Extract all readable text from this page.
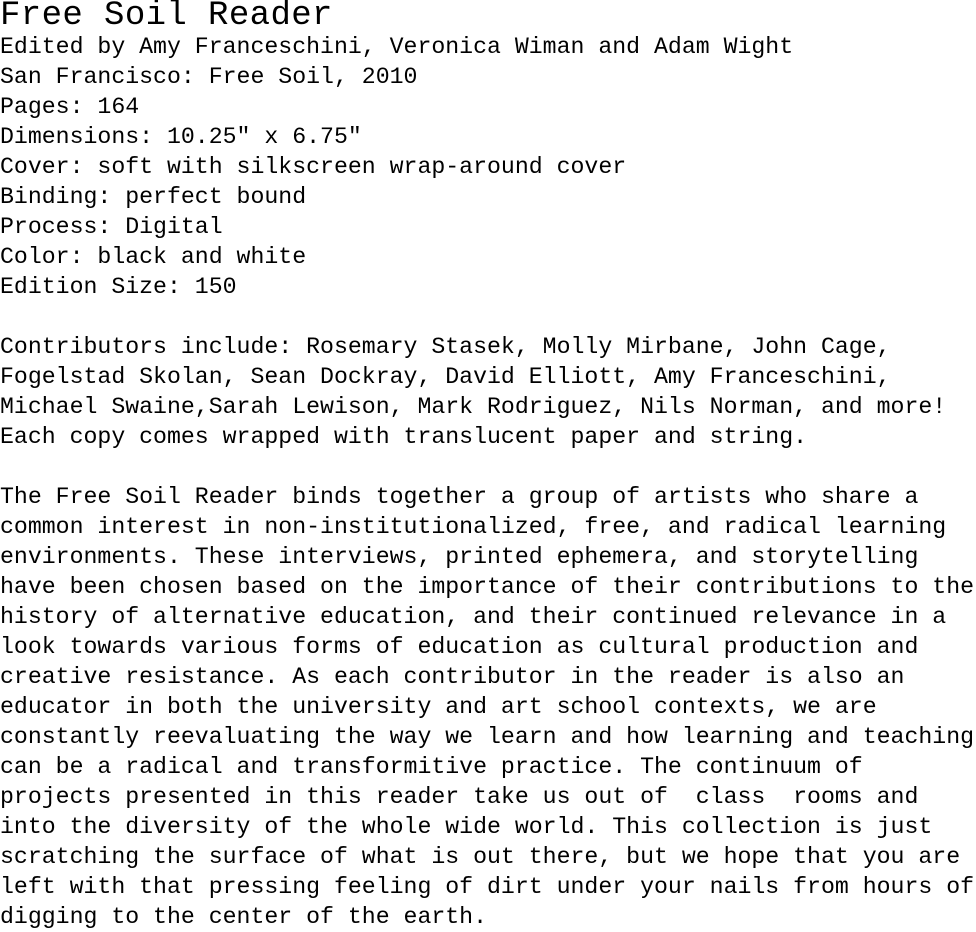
Free Soil Reader
Edited by Amy Franceschini, Veronica Wiman and Adam Wight
San Francisco: Free Soil, 2010
Pages: 164
Dimensions: 10.25" x 6.75"
Cover: soft with silkscreen wrap-around cover
Binding: perfect bound
Process: Digital
Color: black and white
Edition Size: 150
Contributors include: Rosemary Stasek, Molly Mirbane, John Cage,
Fogelstad Skolan, Sean Dockray, David Elliott, Amy Franceschini,
Michael Swaine,Sarah Lewison, Mark Rodriguez, Nils Norman, and more!
Each copy comes wrapped with translucent paper and string.
The Free Soil Reader binds together a group of artists who share a
common interest in non-institutionalized, free, and radical learning
environments. These interviews, printed ephemera, and storytelling
have been chosen based on the importance of their contributions to the
history of alternative education, and their continued relevance in a
look towards various forms of education as cultural production and
creative resistance. As each contributor in the reader is also an
educator in both the university and art school contexts, we are
constantly reevaluating the way we learn and how learning and teaching
can be a radical and transformitive practice. The continuum of
projects presented in this reader take us out of  class  rooms and
into the diversity of the whole wide world. This collection is just
scratching the surface of what is out there, but we hope that you are
left with that pressing feeling of dirt under your nails from hours of
digging to the center of the earth.
